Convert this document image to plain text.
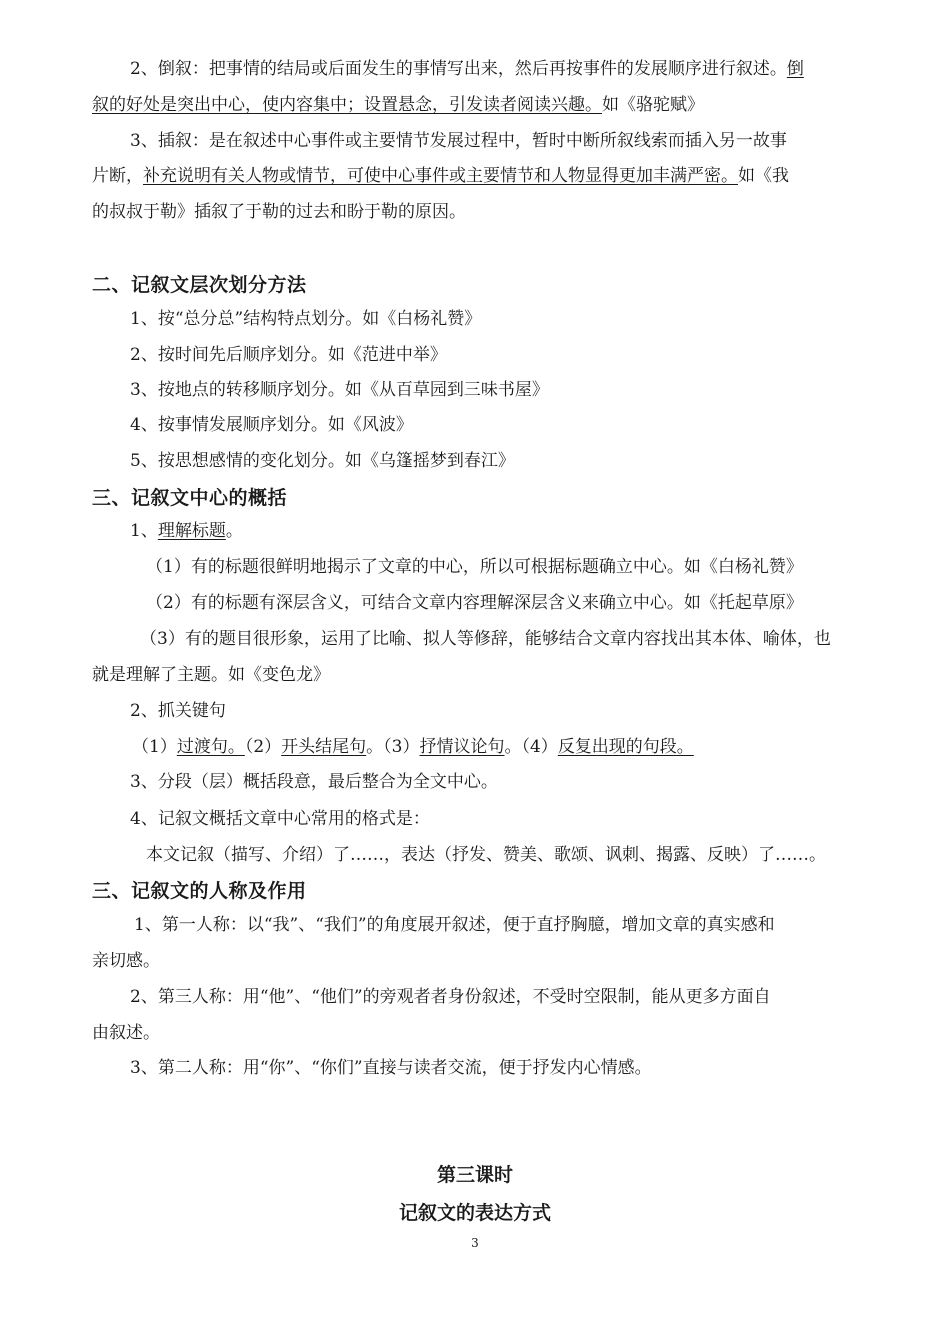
2、倒叙：把事情的结局或后面发生的事情写出来，然后再按事件的发展顺序进行叙述。倒
叙的好处是突出中心，使内容集中；设置悬念，引发读者阅读兴趣。如《骆驼赋》
3、插叙：是在叙述中心事件或主要情节发展过程中，暂时中断所叙线索而插入另一故事
片断，补充说明有关人物或情节，可使中心事件或主要情节和人物显得更加丰满严密。如《我
的叔叔于勒》插叙了于勒的过去和盼于勒的原因。
二、记叙文层次划分方法
1、按“总分总”结构特点划分。如《白杨礼赞》
2、按时间先后顺序划分。如《范进中举》
3、按地点的转移顺序划分。如《从百草园到三味书屋》
4、按事情发展顺序划分。如《风波》
5、按思想感情的变化划分。如《乌篷摇梦到春江》
三、记叙文中心的概括
1、理解标题。
（1）有的标题很鲜明地揭示了文章的中心，所以可根据标题确立中心。如《白杨礼赞》
（2）有的标题有深层含义，可结合文章内容理解深层含义来确立中心。如《托起草原》
（3）有的题目很形象，运用了比喻、拟人等修辞，能够结合文章内容找出其本体、喻体，也
就是理解了主题。如《变色龙》
2、抓关键句
（1）过渡句。（2）开头结尾句。（3）抒情议论句。（4）反复出现的句段。
3、分段（层）概括段意，最后整合为全文中心。
4、记叙文概括文章中心常用的格式是：
本文记叙（描写、介绍）了……，表达（抒发、赞美、歌颂、讽刺、揭露、反映）了……。
三、记叙文的人称及作用
1、第一人称：以“我”、“我们”的角度展开叙述，便于直抒胸臆，增加文章的真实感和
亲切感。
2、第三人称：用“他”、“他们”的旁观者者身份叙述，不受时空限制，能从更多方面自
由叙述。
3、第二人称：用“你”、“你们”直接与读者交流，便于抒发内心情感。
第三课时
记叙文的表达方式
3
